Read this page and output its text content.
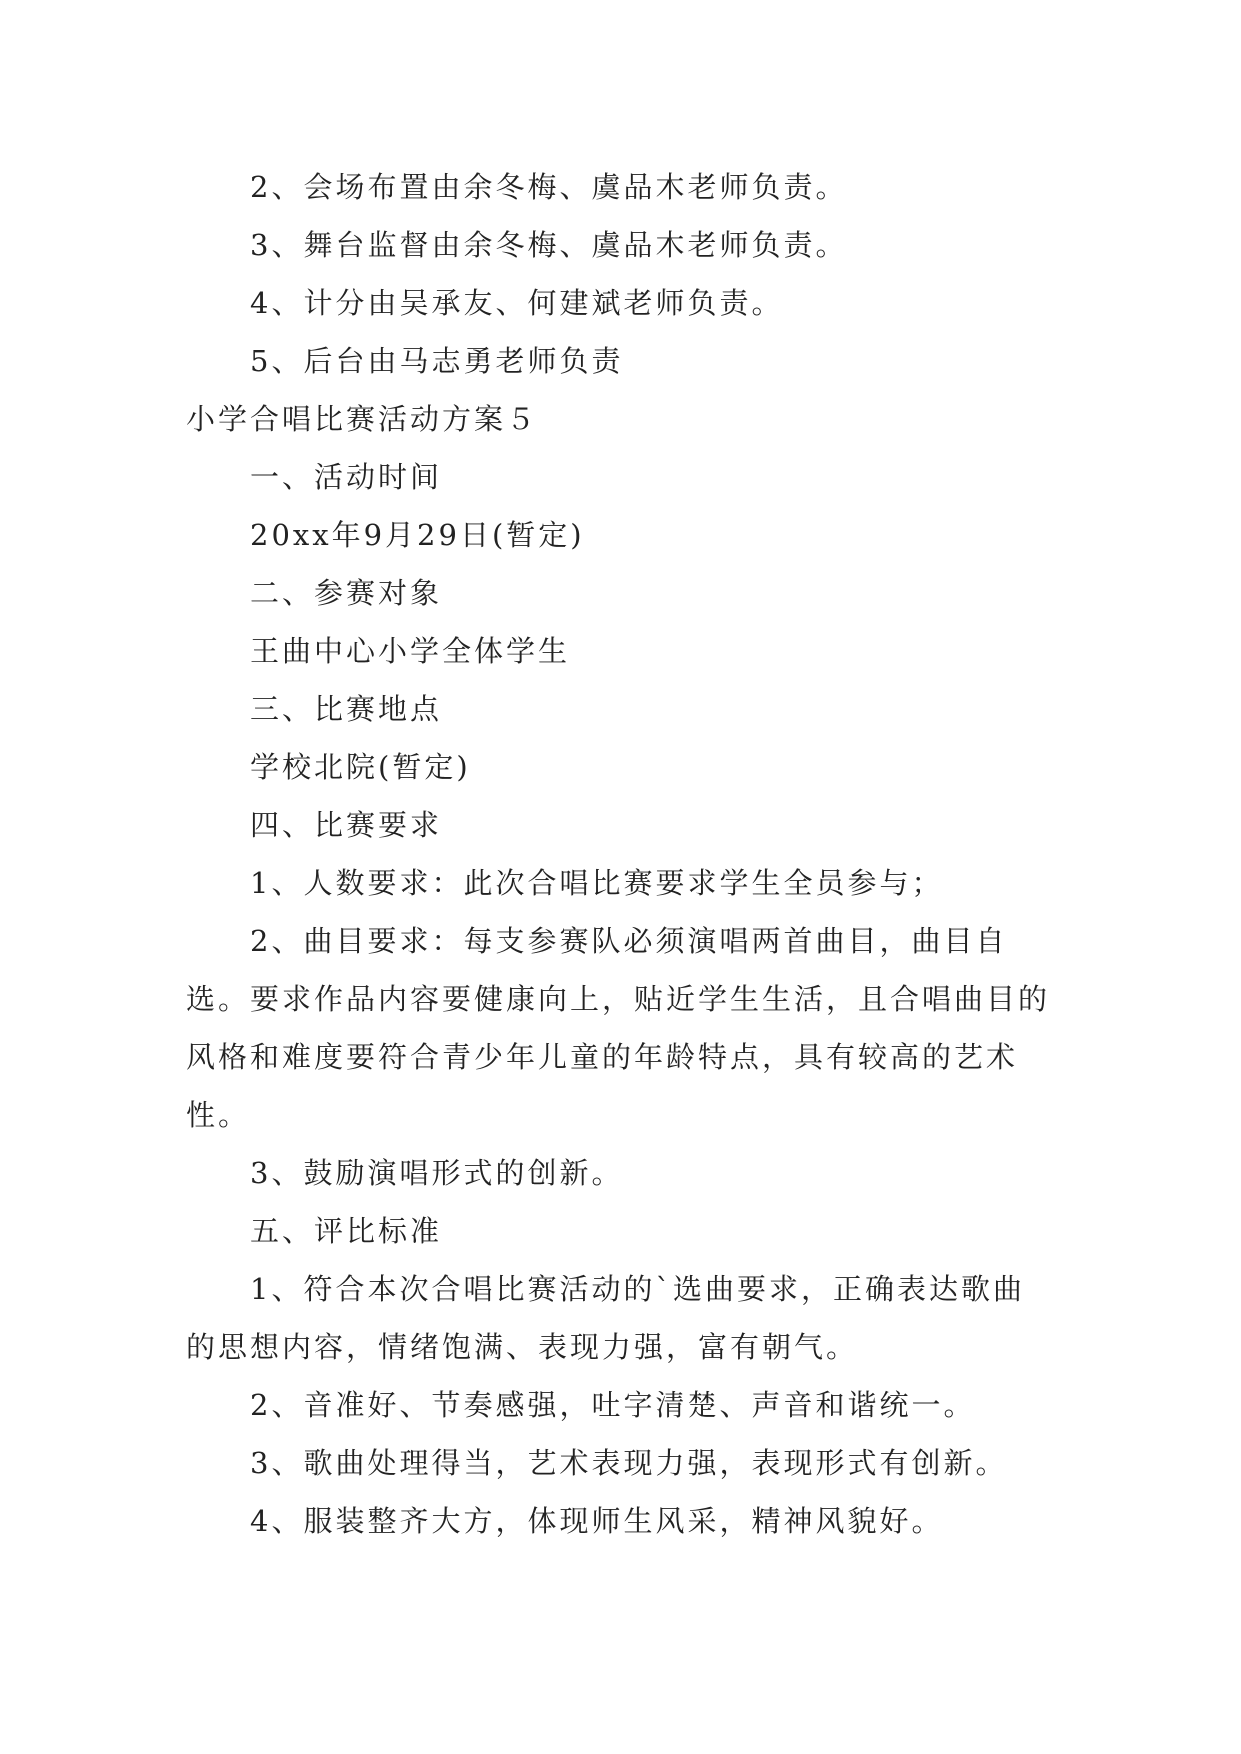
2、会场布置由余冬梅、虞品木老师负责。

3、舞台监督由余冬梅、虞品木老师负责。

4、计分由吴承友、何建斌老师负责。

5、后台由马志勇老师负责

小学合唱比赛活动方案５

一、活动时间

20xx年9月29日(暂定)

二、参赛对象

王曲中心小学全体学生

三、比赛地点

学校北院(暂定)

四、比赛要求

1、人数要求：此次合唱比赛要求学生全员参与；

2、曲目要求：每支参赛队必须演唱两首曲目，曲目自选。要求作品内容要健康向上，贴近学生生活，且合唱曲目的风格和难度要符合青少年儿童的年龄特点，具有较高的艺术性。

3、鼓励演唱形式的创新。

五、评比标准

1、符合本次合唱比赛活动的`选曲要求，正确表达歌曲的思想内容，情绪饱满、表现力强，富有朝气。

2、音准好、节奏感强，吐字清楚、声音和谐统一。

3、歌曲处理得当，艺术表现力强，表现形式有创新。

4、服装整齐大方，体现师生风采，精神风貌好。
